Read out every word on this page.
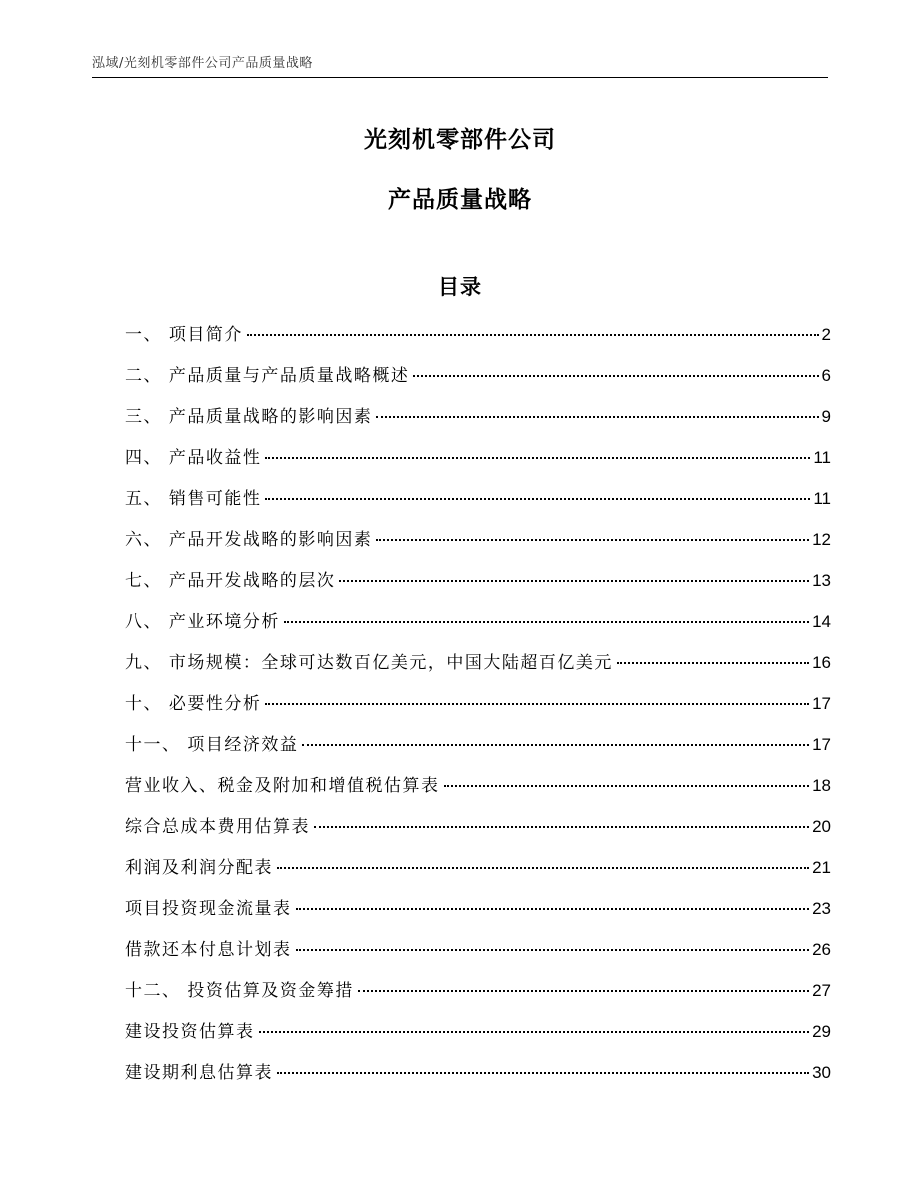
泓域/光刻机零部件公司产品质量战略
光刻机零部件公司
产品质量战略
目录
一、 项目简介	2
二、 产品质量与产品质量战略概述	6
三、 产品质量战略的影响因素	9
四、 产品收益性	11
五、 销售可能性	11
六、 产品开发战略的影响因素	12
七、 产品开发战略的层次	13
八、 产业环境分析	14
九、 市场规模：全球可达数百亿美元，中国大陆超百亿美元	16
十、 必要性分析	17
十一、 项目经济效益	17
营业收入、税金及附加和增值税估算表	18
综合总成本费用估算表	20
利润及利润分配表	21
项目投资现金流量表	23
借款还本付息计划表	26
十二、 投资估算及资金筹措	27
建设投资估算表	29
建设期利息估算表	30
